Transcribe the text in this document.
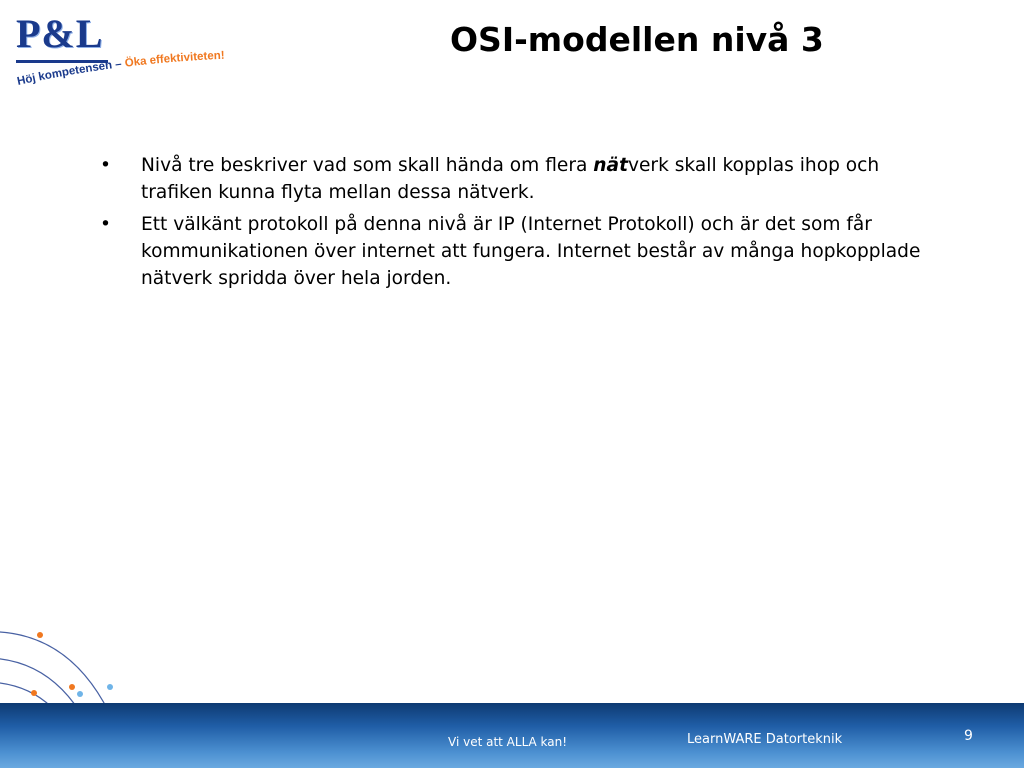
P&L
Höj kompetensen – Öka effektiviteten!	OSI-modellen nivå 3
• Nivå tre beskriver vad som skall hända om flera nätverk skall kopplas ihop och trafiken kunna flyta mellan dessa nätverk.
• Ett välkänt protokoll på denna nivå är IP (Internet Protokoll) och är det som får kommunikationen över internet att fungera. Internet består av många hopkopplade nätverk spridda över hela jorden.
Vi vet att ALLA kan!	LearnWARE Datorteknik	9
